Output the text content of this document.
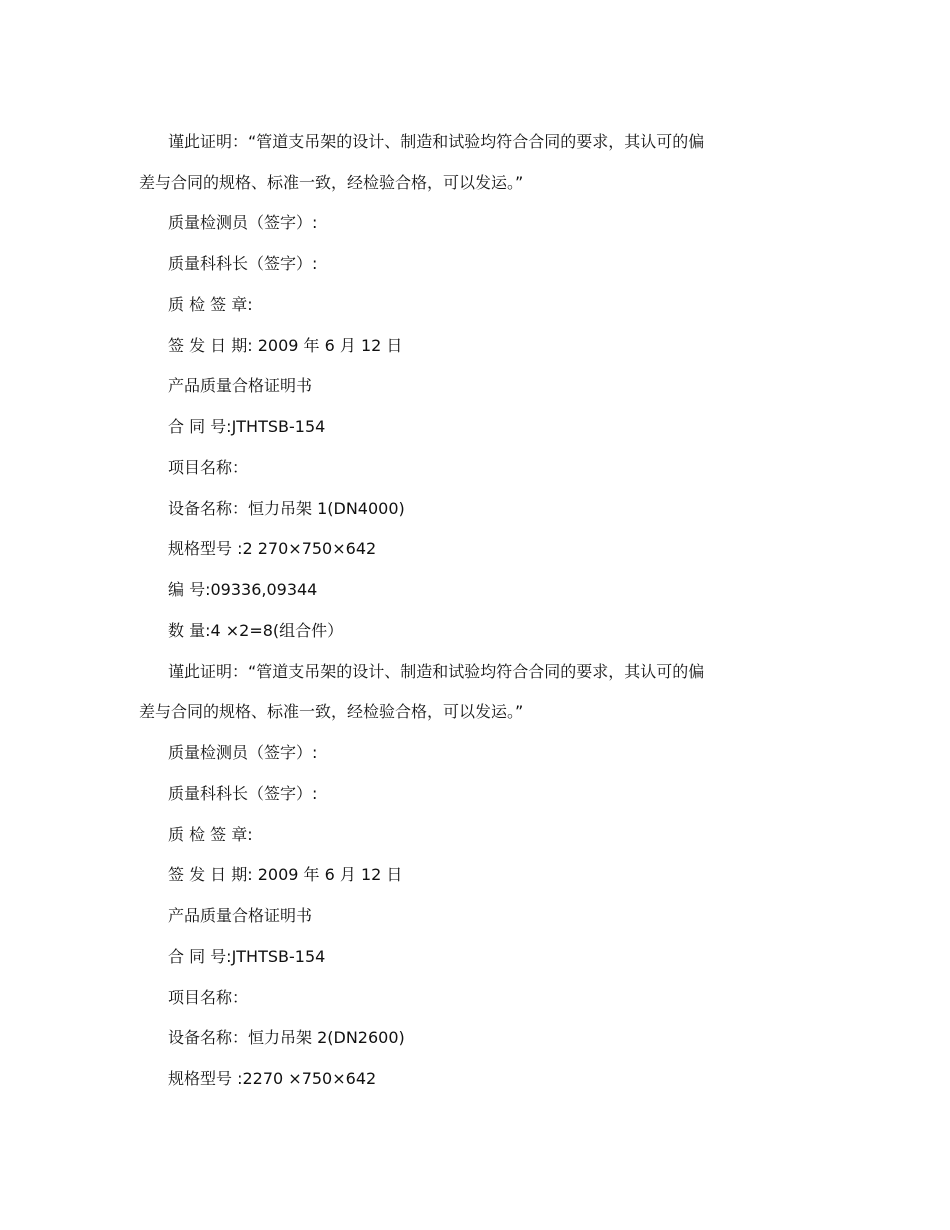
谨此证明：“管道支吊架的设计、制造和试验均符合合同的要求，其认可的偏
差与合同的规格、标准一致，经检验合格，可以发运。”
质量检测员（签字）:
质量科科长（签字）:
质 检 签 章:
签 发 日 期: 2009 年 6 月 12 日
产品质量合格证明书
合 同 号:JTHTSB-154
项目名称：
设备名称：恒力吊架 1(DN4000)
规格型号 :2 270×750×642
编 号:09336,09344
数 量:4 ×2=8(组合件）
谨此证明：“管道支吊架的设计、制造和试验均符合合同的要求，其认可的偏
差与合同的规格、标准一致，经检验合格，可以发运。”
质量检测员（签字）:
质量科科长（签字）:
质 检 签 章:
签 发 日 期: 2009 年 6 月 12 日
产品质量合格证明书
合 同 号:JTHTSB-154
项目名称：
设备名称：恒力吊架 2(DN2600)
规格型号 :2270 ×750×642
